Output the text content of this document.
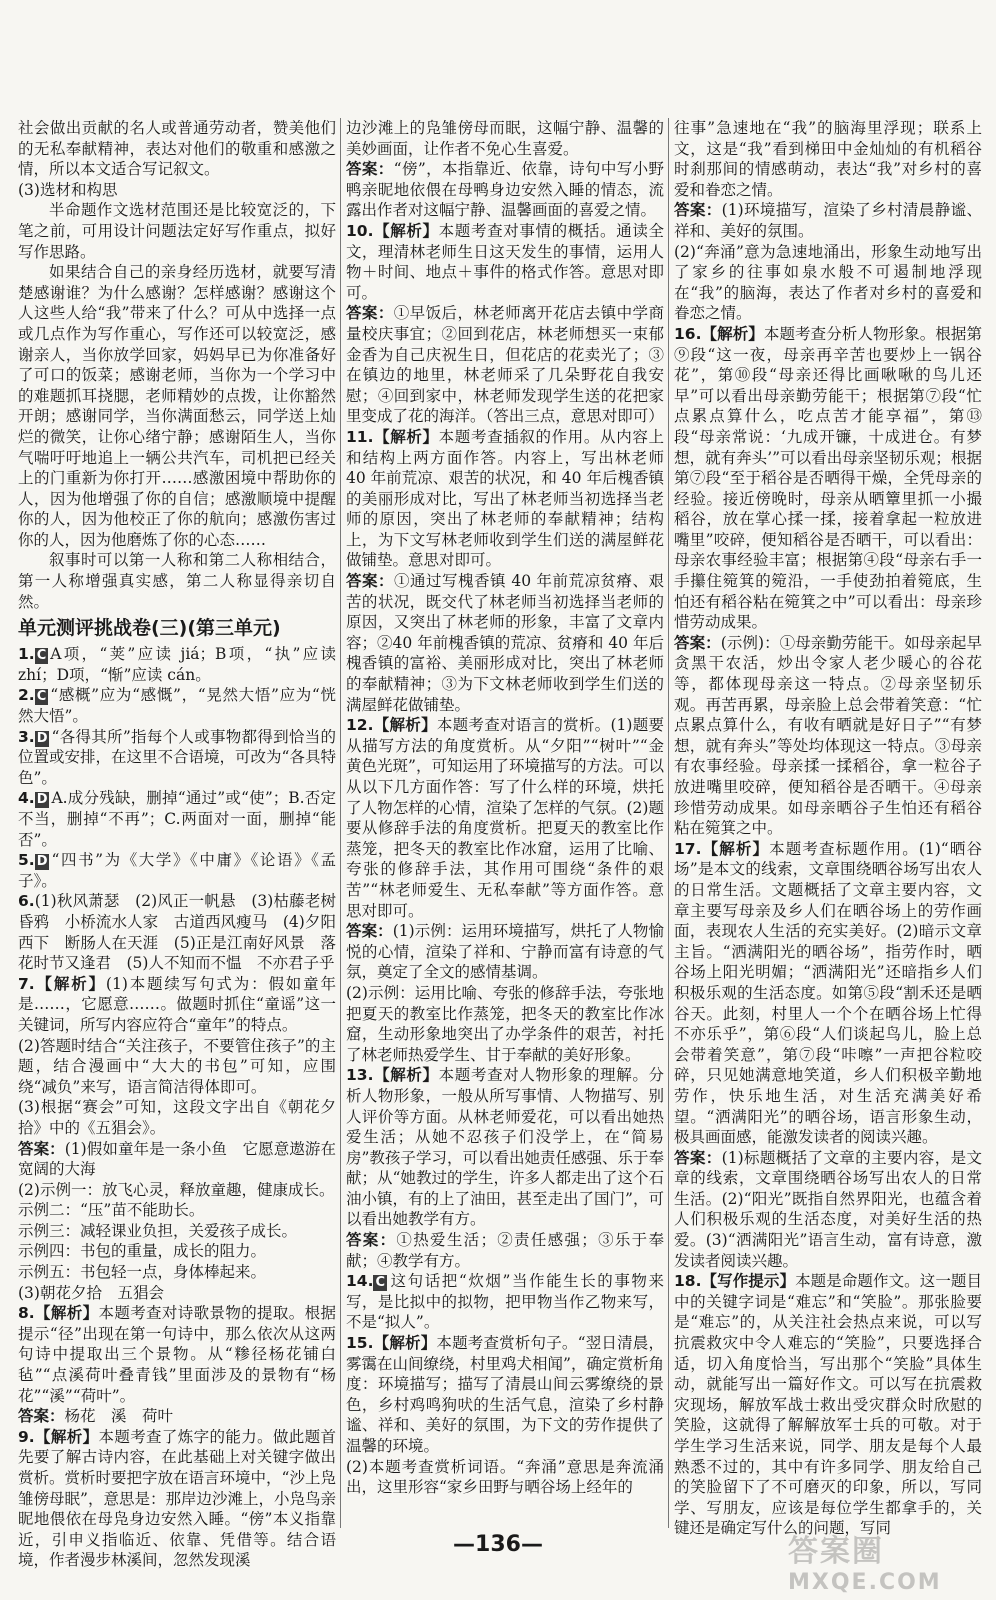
社会做出贡献的名人或普通劳动者，赞美他们的无私奉献精神，表达对他们的敬重和感激之情，所以本文适合写记叙文。

(3)选材和构思

半命题作文选材范围还是比较宽泛的，下笔之前，可用设计问题法定好写作重点，拟好写作思路。

如果结合自己的亲身经历选材，就要写清楚感谢谁？为什么感谢？怎样感谢？感谢这个人这些人给“我”带来了什么？可从中选择一点或几点作为写作重心，写作还可以较宽泛，感谢亲人，当你放学回家，妈妈早已为你准备好了可口的饭菜；感谢老师，当你为一个学习中的难题抓耳挠腮，老师精妙的点拨，让你豁然开朗；感谢同学，当你满面愁云，同学送上灿烂的微笑，让你心绪宁静；感谢陌生人，当你气喘吁吁地追上一辆公共汽车，司机把已经关上的门重新为你打开……感激困境中帮助你的人，因为他增强了你的自信；感激顺境中提醒你的人，因为他校正了你的航向；感激伤害过你的人，因为他磨炼了你的心态……

叙事时可以第一人称和第二人称相结合，第一人称增强真实感，第二人称显得亲切自然。

单元测评挑战卷(三)(第三单元)

1. C A项，“荚”应读 jiá；B项，“执”应读 zhí；D项，“惭”应读 cán。

2. C “感概”应为“感慨”，“晃然大悟”应为“恍然大悟”。

3. D “各得其所”指每个人或事物都得到恰当的位置或安排，在这里不合语境，可改为“各具特色”。

4. D A.成分残缺，删掉“通过”或“使”；B.否定不当，删掉“不再”；C.两面对一面，删掉“能否”。

5. D “四书”为《大学》《中庸》《论语》《孟子》。

6.(1)秋风萧瑟　(2)风正一帆悬　(3)枯藤老树昏鸦　小桥流水人家　古道西风瘦马　(4)夕阳西下　断肠人在天涯　(5)正是江南好风景　落花时节又逢君　(5)人不知而不愠　不亦君子乎

7.【解析】(1)本题续写句式为：假如童年是……，它愿意……。做题时抓住“童谣”这一关键词，所写内容应符合“童年”的特点。

(2)答题时结合“关注孩子，不要管住孩子”的主题，结合漫画中“大大的书包”可知，应围绕“减负”来写，语言简洁得体即可。

(3)根据“赛会”可知，这段文字出自《朝花夕拾》中的《五猖会》。

答案：(1)假如童年是一条小鱼　它愿意遨游在宽阔的大海

(2)示例一：放飞心灵，释放童趣，健康成长。

示例二：“压”苗不能助长。

示例三：减轻课业负担，关爱孩子成长。

示例四：书包的重量，成长的阻力。

示例五：书包轻一点，身体棒起来。

(3)朝花夕拾　五猖会

8.【解析】本题考查对诗歌景物的提取。根据提示“径”出现在第一句诗中，那么依次从这两句诗中提取出三个景物。从“糁径杨花铺白毡”“点溪荷叶叠青钱”里面涉及的景物有“杨花”“溪”“荷叶”。

答案：杨花　溪　荷叶

9.【解析】本题考查了炼字的能力。做此题首先要了解古诗内容，在此基础上对关键字做出赏析。赏析时要把字放在语言环境中，“沙上凫雏傍母眠”，意思是：那岸边沙滩上，小凫鸟亲昵地偎依在母凫身边安然入睡。“傍”本义指靠近，引申义指临近、依靠、凭借等。结合语境，作者漫步林溪间，忽然发现溪

边沙滩上的凫雏傍母而眠，这幅宁静、温馨的美妙画面，让作者不免心生喜爱。

答案：“傍”，本指靠近、依靠，诗句中写小野鸭亲昵地依偎在母鸭身边安然入睡的情态，流露出作者对这幅宁静、温馨画面的喜爱之情。

10.【解析】本题考查对事情的概括。通读全文，理清林老师生日这天发生的事情，运用人物＋时间、地点＋事件的格式作答。意思对即可。

答案：①早饭后，林老师离开花店去镇中学商量校庆事宜；②回到花店，林老师想买一束郁金香为自己庆祝生日，但花店的花卖光了；③在镇边的地里，林老师采了几朵野花自我安慰；④回到家中，林老师发现学生送的花把家里变成了花的海洋。（答出三点，意思对即可）

11.【解析】本题考查插叙的作用。从内容上和结构上两方面作答。内容上，写出林老师 40 年前荒凉、艰苦的状况，和 40 年后槐香镇的美丽形成对比，写出了林老师当初选择当老师的原因，突出了林老师的奉献精神；结构上，为下文写林老师收到学生们送的满屋鲜花做铺垫。意思对即可。

答案：①通过写槐香镇 40 年前荒凉贫瘠、艰苦的状况，既交代了林老师当初选择当老师的原因，又突出了林老师的形象，丰富了文章内容；②40 年前槐香镇的荒凉、贫瘠和 40 年后槐香镇的富裕、美丽形成对比，突出了林老师的奉献精神；③为下文林老师收到学生们送的满屋鲜花做铺垫。

12.【解析】本题考查对语言的赏析。(1)题要从描写方法的角度赏析。从“夕阳”“树叶”“金黄色光斑”，可知运用了环境描写的方法。可以从以下几方面作答：写了什么样的环境，烘托了人物怎样的心情，渲染了怎样的气氛。(2)题要从修辞手法的角度赏析。把夏天的教室比作蒸笼，把冬天的教室比作冰窟，运用了比喻、夸张的修辞手法，其作用可围绕“条件的艰苦”“林老师爱生、无私奉献”等方面作答。意思对即可。

答案：(1)示例：运用环境描写，烘托了人物愉悦的心情，渲染了祥和、宁静而富有诗意的气氛，奠定了全文的感情基调。

(2)示例：运用比喻、夸张的修辞手法，夸张地把夏天的教室比作蒸笼，把冬天的教室比作冰窟，生动形象地突出了办学条件的艰苦，衬托了林老师热爱学生、甘于奉献的美好形象。

13.【解析】本题考查对人物形象的理解。分析人物形象，一般从所写事情、人物描写、别人评价等方面。从林老师爱花，可以看出她热爱生活；从她不忍孩子们没学上，在“简易房”教孩子学习，可以看出她责任感强、乐于奉献；从“她教过的学生，许多人都走出了这个石油小镇，有的上了油田，甚至走出了国门”，可以看出她教学有方。

答案：①热爱生活；②责任感强；③乐于奉献；④教学有方。

14. C 这句话把“炊烟”当作能生长的事物来写，是比拟中的拟物，把甲物当作乙物来写，不是“拟人”。

15.【解析】本题考查赏析句子。“翌日清晨，雾霭在山间缭绕，村里鸡犬相闻”，确定赏析角度：环境描写；描写了清晨山间云雾缭绕的景色，乡村鸡鸣狗吠的生活气息，渲染了乡村静谧、祥和、美好的氛围，为下文的劳作提供了温馨的环境。

(2)本题考查赏析词语。“奔涌”意思是奔流涌出，这里形容“家乡田野与晒谷场上经年的

往事”急速地在“我”的脑海里浮现；联系上文，这是“我”看到梯田中金灿灿的有机稻谷时刹那间的情感萌动，表达“我”对乡村的喜爱和眷恋之情。

答案：(1)环境描写，渲染了乡村清晨静谧、祥和、美好的氛围。

(2)“奔涌”意为急速地涌出，形象生动地写出了家乡的往事如泉水般不可遏制地浮现在“我”的脑海，表达了作者对乡村的喜爱和眷恋之情。

16.【解析】本题考查分析人物形象。根据第⑨段“这一夜，母亲再辛苦也要炒上一锅谷花”，第⑩段“母亲还得比画啾啾的鸟儿还早”可以看出母亲勤劳能干；根据第⑦段“忙点累点算什么，吃点苦才能享福”，第⑬段“母亲常说：‘九成开镰，十成进仓。有梦想，就有奔头’”可以看出母亲坚韧乐观；根据第⑦段“至于稻谷是否晒得干燥，全凭母亲的经验。接近傍晚时，母亲从晒簟里抓一小撮稻谷，放在掌心揉一揉，接着拿起一粒放进嘴里”咬碎，便知稻谷是否晒干，可以看出：母亲农事经验丰富；根据第④段“母亲右手一手攥住箢箕的箢沿，一手使劲拍着箢底，生怕还有稻谷粘在箢箕之中”可以看出：母亲珍惜劳动成果。

答案：(示例)：①母亲勤劳能干。如母亲起早贪黑干农活，炒出令家人老少暖心的谷花等，都体现母亲这一特点。②母亲坚韧乐观。再苦再累，母亲脸上总会带着笑意：“忙点累点算什么，有收有晒就是好日子”“有梦想，就有奔头”等处均体现这一特点。③母亲有农事经验。母亲揉一揉稻谷，拿一粒谷子放进嘴里咬碎，便知稻谷是否晒干。④母亲珍惜劳动成果。如母亲晒谷子生怕还有稻谷粘在箢箕之中。

17.【解析】本题考查标题作用。(1)“晒谷场”是本文的线索，文章围绕晒谷场写出农人的日常生活。文题概括了文章主要内容，文章主要写母亲及乡人们在晒谷场上的劳作画面，表现农人生活的充实美好。(2)暗示文章主旨。“洒满阳光的晒谷场”，指劳作时，晒谷场上阳光明媚；“洒满阳光”还暗指乡人们积极乐观的生活态度。如第⑤段“割禾还是晒谷天。此刻，村里人一个个在晒谷场上忙得不亦乐乎”，第⑥段“人们谈起鸟儿，脸上总会带着笑意”，第⑦段“咔嚓”一声把谷粒咬碎，只见她满意地笑道，乡人们积极辛勤地劳作，快乐地生活，对生活充满美好希望。“洒满阳光”的晒谷场，语言形象生动，极具画面感，能激发读者的阅读兴趣。

答案：(1)标题概括了文章的主要内容，是文章的线索，文章围绕晒谷场写出农人的日常生活。(2)“阳光”既指自然界阳光，也蕴含着人们积极乐观的生活态度，对美好生活的热爱。(3)“洒满阳光”语言生动，富有诗意，激发读者阅读兴趣。

18.【写作提示】本题是命题作文。这一题目中的关键字词是“难忘”和“笑脸”。那张脸要是“难忘”的，从关注社会热点来说，可以写抗震救灾中令人难忘的“笑脸”，只要选择合适，切入角度恰当，写出那个“笑脸”具体生动，就能写出一篇好作文。可以写在抗震救灾现场，解放军战士救出受灾群众时欣慰的笑脸，这就得了解解放军士兵的可敬。对于学生学习生活来说，同学、朋友是每个人最熟悉不过的，其中有许多同学、朋友给自己的笑脸留下了不可磨灭的印象，所以，写同学、写朋友，应该是每位学生都拿手的，关键还是确定写什么的问题，写同

—136—	答案圈
MXQE.COM
